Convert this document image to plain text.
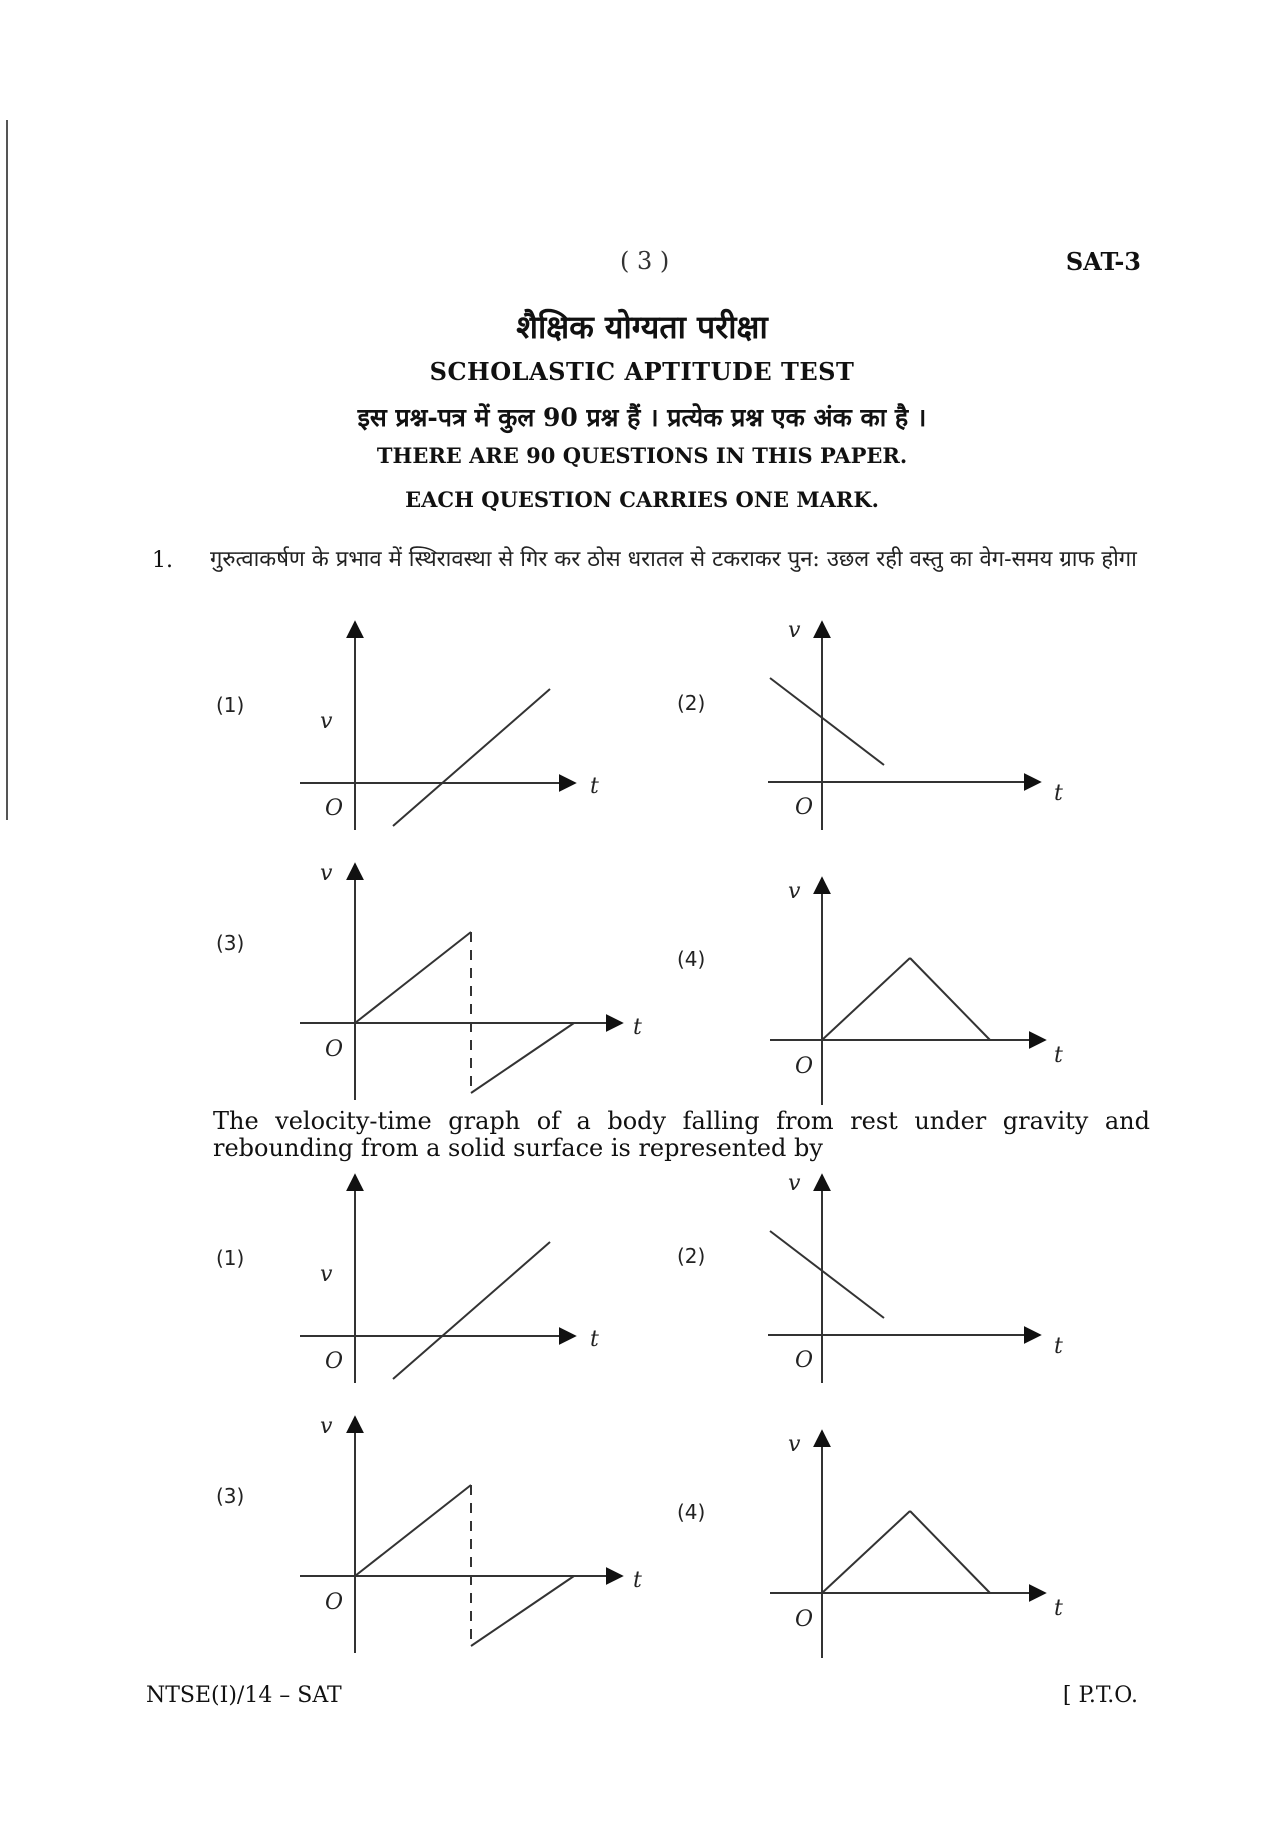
( 3 )	SAT-3
शैक्षिक योग्यता परीक्षा
SCHOLASTIC APTITUDE TEST
इस प्रश्न-पत्र में कुल 90 प्रश्न हैं । प्रत्येक प्रश्न एक अंक का है ।
THERE ARE 90 QUESTIONS IN THIS PAPER.
EACH QUESTION CARRIES ONE MARK.
1. गुरुत्वाकर्षण के प्रभाव में स्थिरावस्था से गिर कर ठोस धरातल से टकराकर पुन: उछल रही वस्तु का वेग-समय ग्राफ होगा
The velocity-time graph of a body falling from rest under gravity and rebounding from a solid surface is represented by
(1)
v
t
O
(2)
v
t
O
(3)
v
t
O
(4)
v
t
O
(1)
v
t
O
(2)
v
t
O
(3)
v
t
O
(4)
v
t
O
NTSE(I)/14 – SAT	[ P.T.O.
